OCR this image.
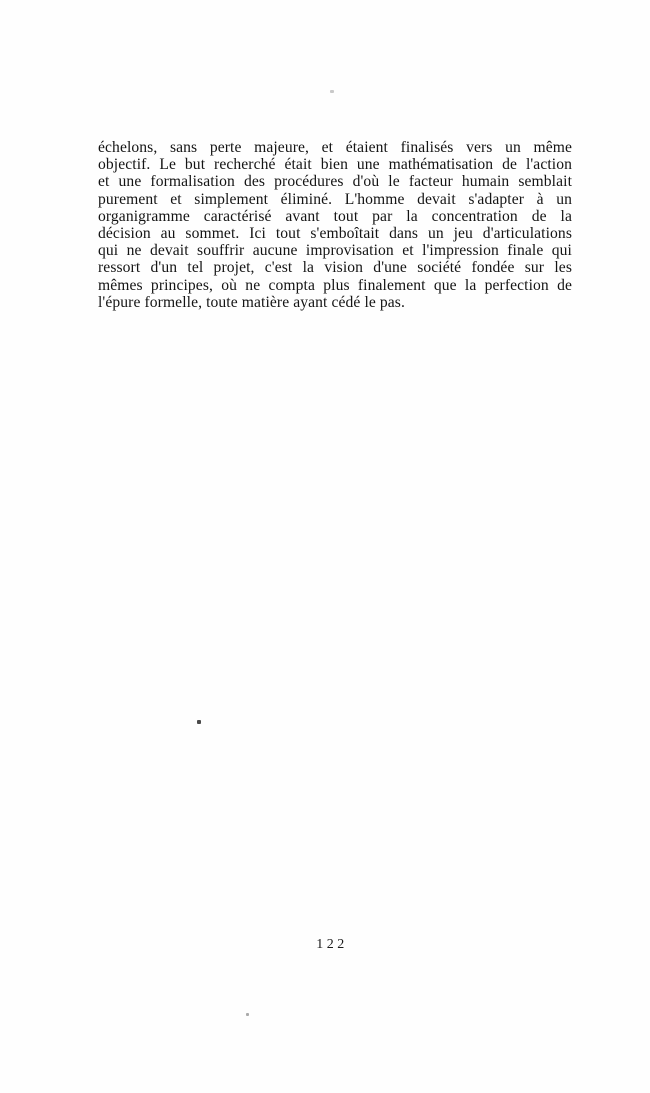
échelons, sans perte majeure, et étaient finalisés vers un même
objectif. Le but recherché était bien une mathématisation de l'action
et une formalisation des procédures d'où le facteur humain semblait
purement et simplement éliminé. L'homme devait s'adapter à un
organigramme caractérisé avant tout par la concentration de la
décision au sommet. Ici tout s'emboîtait dans un jeu d'articulations
qui ne devait souffrir aucune improvisation et l'impression finale qui
ressort d'un tel projet, c'est la vision d'une société fondée sur les
mêmes principes, où ne compta plus finalement que la perfection de
l'épure formelle, toute matière ayant cédé le pas.
122
